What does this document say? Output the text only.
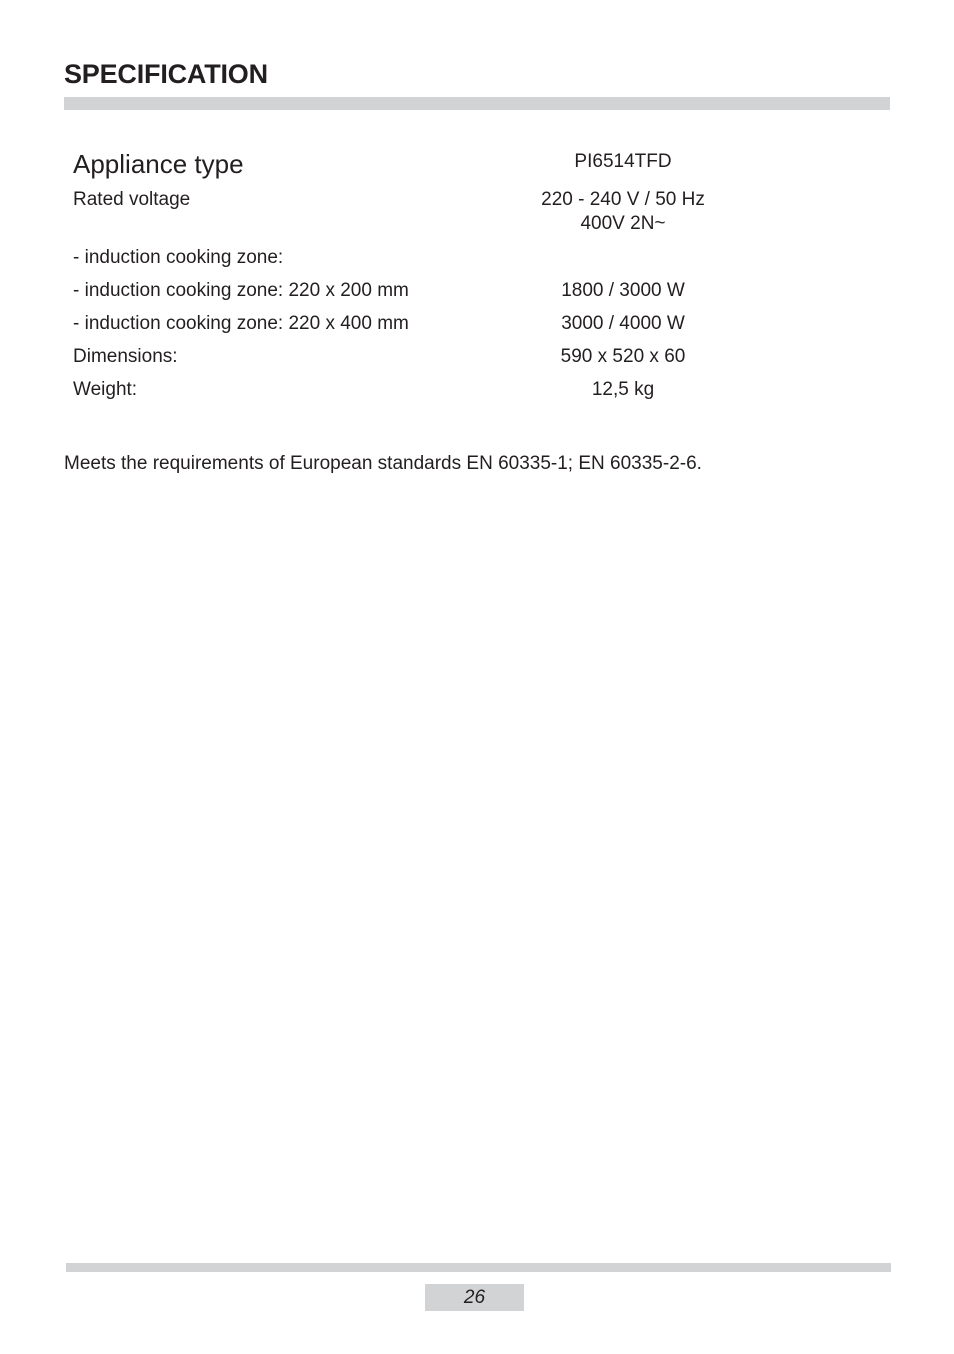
SPECIFICATION
Appliance type	PI6514TFD
Rated voltage	220 - 240 V / 50 Hz
400V 2N~
- induction cooking zone:
- induction cooking zone: 220 x 200 mm	1800 / 3000 W
- induction cooking zone: 220 x 400 mm	3000 / 4000 W
Dimensions:	590 x 520 x 60
Weight:	12,5 kg
Meets the requirements of European standards EN 60335-1; EN 60335-2-6.
26
